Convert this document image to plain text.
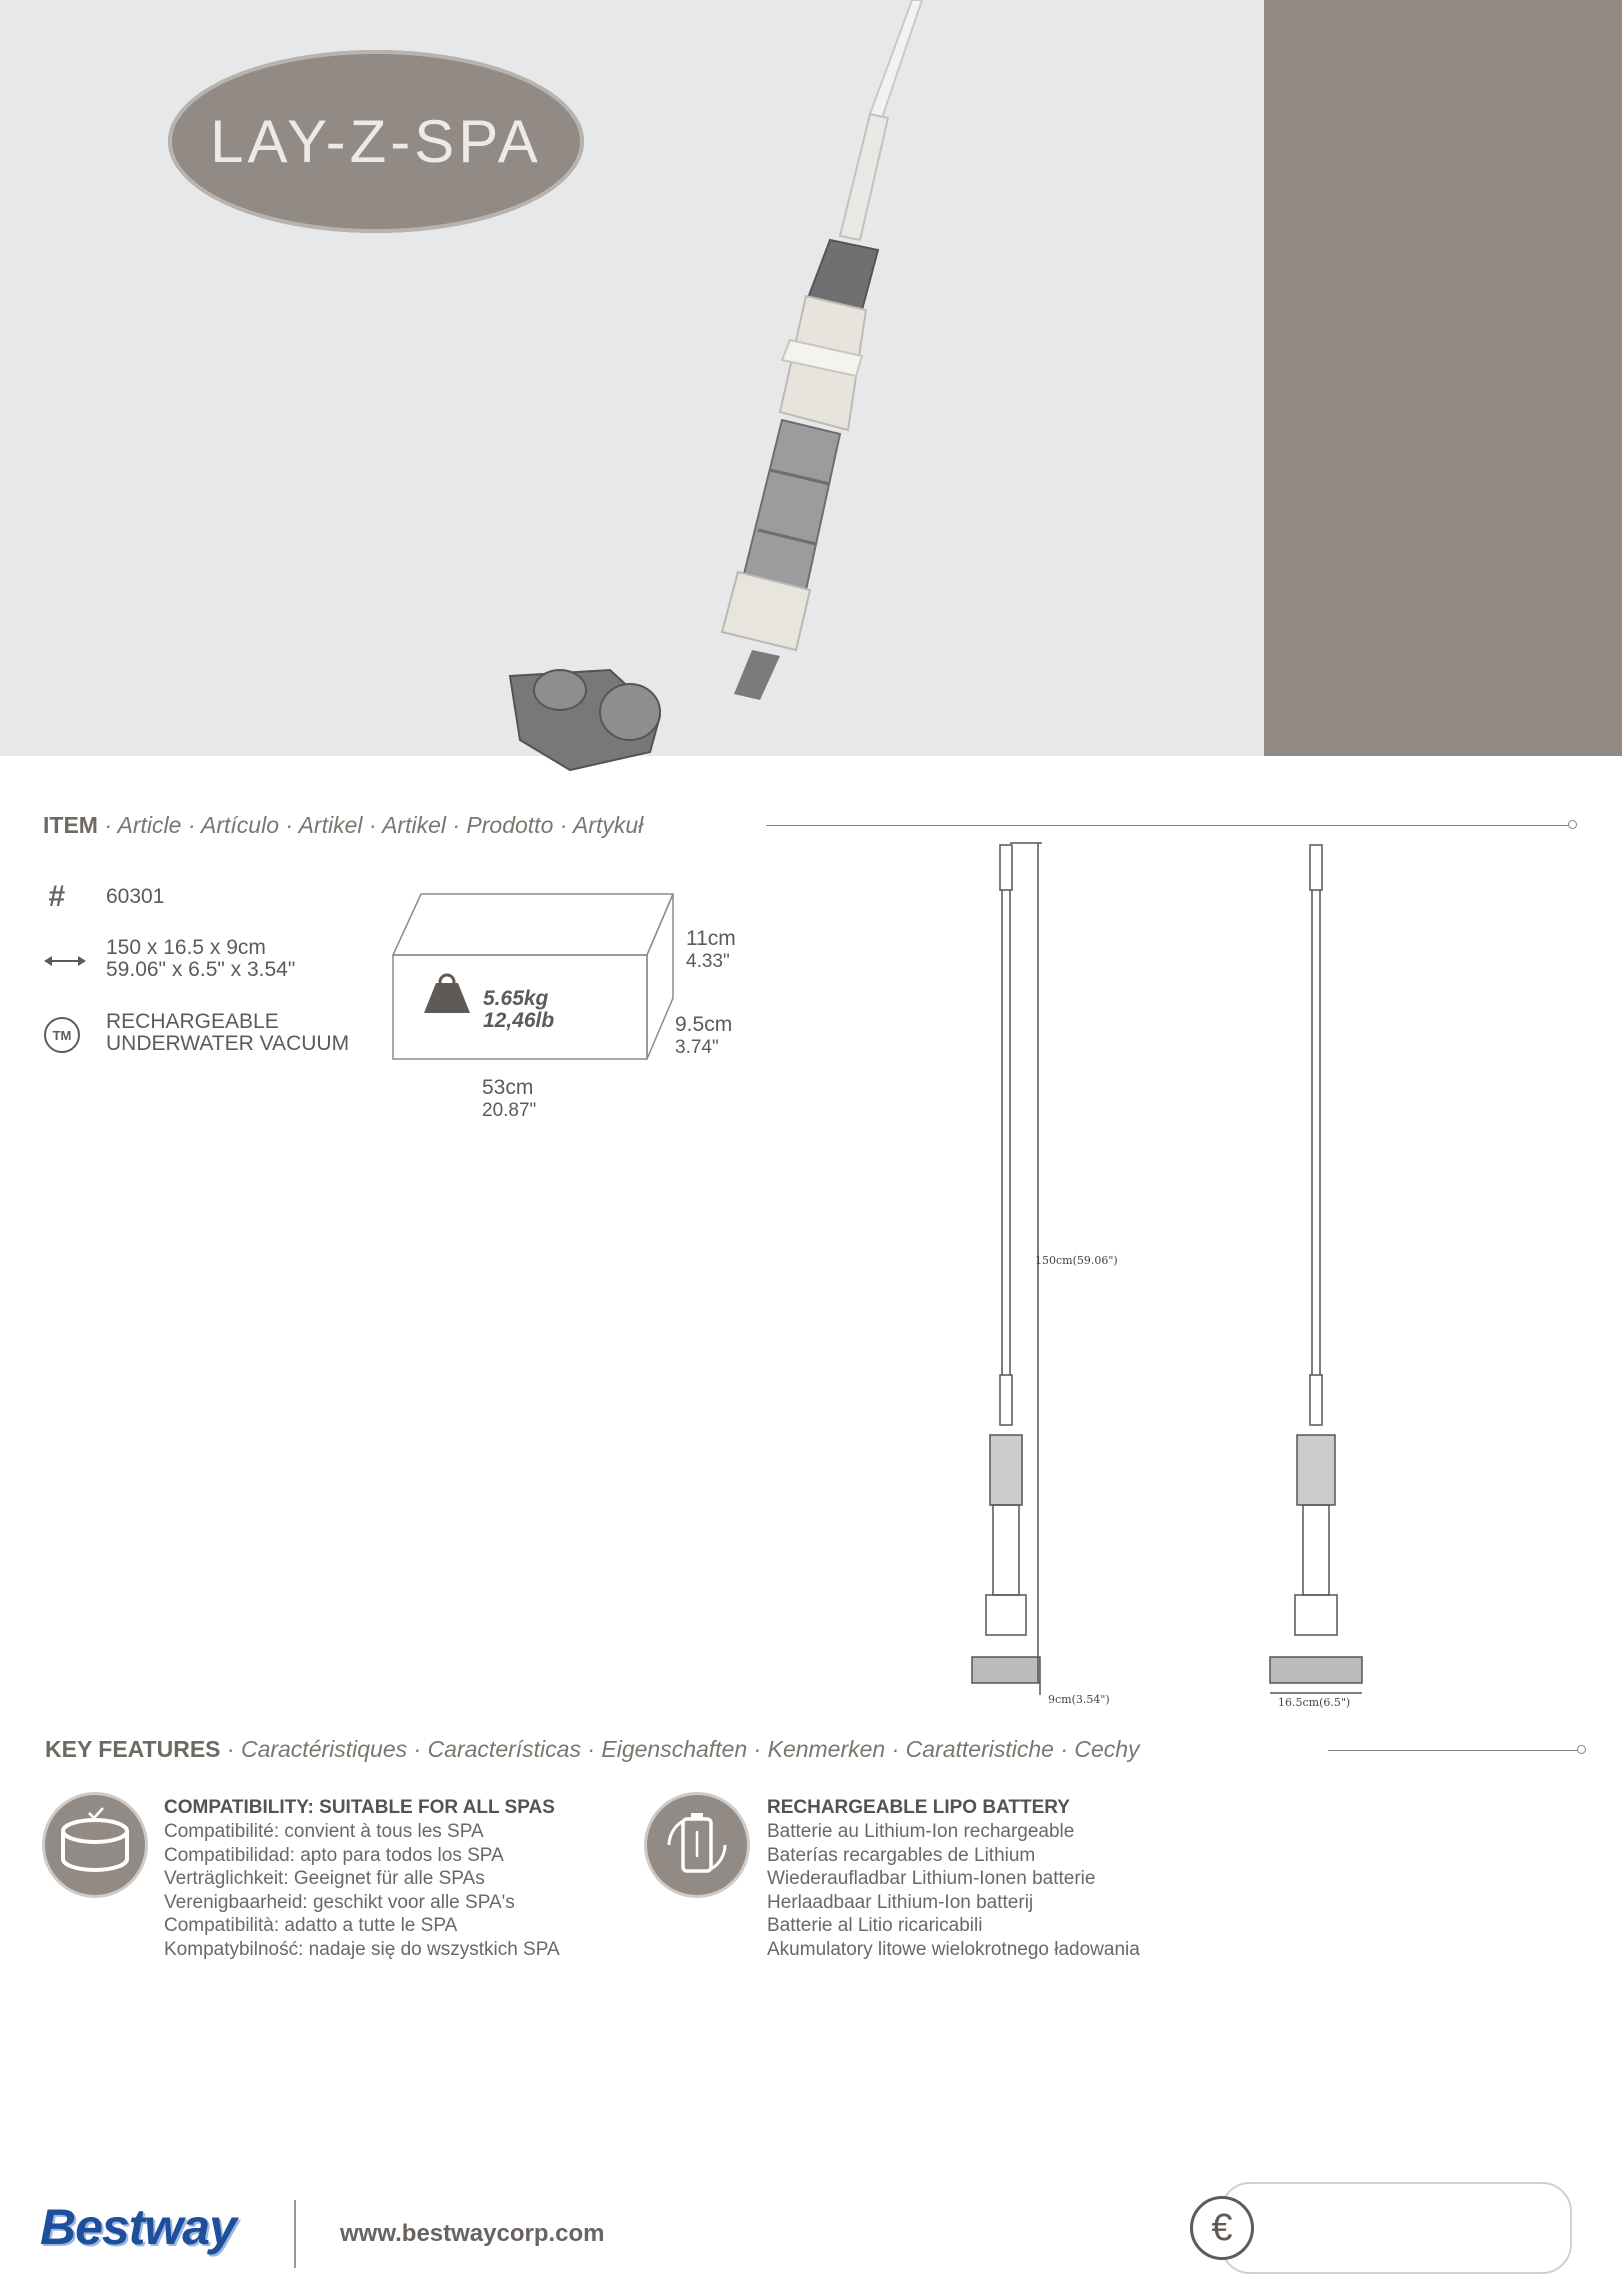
LAY-Z-SPA
ITEM · Article · Artículo · Artikel · Artikel · Prodotto · Artykuł
# 60301
150 x 16.5 x 9cm
59.06" x 6.5" x 3.54"
TM
RECHARGEABLE
UNDERWATER VACUUM
5.65kg
12,46lb
11cm
4.33"
9.5cm
3.74"
53cm
20.87"
150cm(59.06")
9cm(3.54")	16.5cm(6.5")
KEY FEATURES · Caractéristiques · Características · Eigenschaften · Kenmerken · Caratteristiche · Cechy
COMPATIBILITY: SUITABLE FOR ALL SPAS
Compatibilité: convient à tous les SPA
Compatibilidad: apto para todos los SPA
Verträglichkeit: Geeignet für alle SPAs
Verenigbaarheid: geschikt voor alle SPA's
Compatibilità: adatto a tutte le SPA
Kompatybilność: nadaje się do wszystkich SPA
RECHARGEABLE LIPO BATTERY
Batterie au Lithium-Ion rechargeable
Baterías recargables de Lithium
Wiederaufladbar Lithium-Ionen batterie
Herlaadbaar Lithium-Ion batterij
Batterie al Litio ricaricabili
Akumulatory litowe wielokrotnego ładowania
Bestway	www.bestwaycorp.com	€
